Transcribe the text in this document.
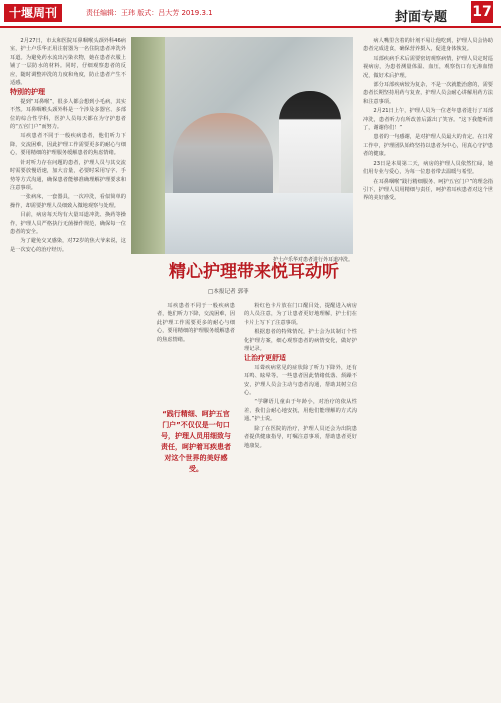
十堰周刊	责任编辑：王玮 版式：吕大芳 2019.3.1	封面专题 17

2月27日，市太和医院耳鼻咽喉头颈外科46病室，护士卢乐华正用注射器为一名住院患者冲洗外耳道。为避免药水流出污染衣物，她在患者衣服上铺了一层防水的材料。同时，仔细观察患者的反应，随时调整冲洗的力度和角度，防止患者产生不适感。

特别的护理

提到“耳鼻喉”，很多人都会想到小毛病，其实不然。耳鼻咽喉头颈外科是一个涉及多器官、多部位的综合性学科，医护人员每天都在为守护患者的“五官门户”而努力。

耳疾患者不同于一般疾病患者，他们听力下降，交流困难，因此护理工作需要更多的耐心与细心，要用精细的护理服务缓解患者的焦虑情绪。

针对听力存在问题的患者，护理人员与其交流时需要放慢语速，加大音量，必要时采用写字、手势等方式沟通，确保患者能够准确理解护理要求和注意事项。

一张病床，一套器具，一次冲洗，看似简单的操作，却需要护理人员细致入微地观察与处理。

目前，病房每天均有大量耳道冲洗、换药等操作，护理人员严格执行无菌操作规范，确保每一位患者的安全。

为了避免交叉感染，对72岁的焦大爷来说，这是一次安心的治疗经历。

护士卢乐华对患者进行外耳道冲洗。
精心护理带来悦耳动听
□本报记者 郭菲

耳疾患者不同于一般疾病患者，他们听力下降，交流困难，因此护理工作需要更多的耐心与细心，要用精细的护理服务缓解患者的焦虑情绪。

“践行精细、呵护五官门户”不仅仅是一句口号，护理人员用细致与责任，呵护着耳疾患者对这个世界的美好感受。

粉红色卡片放在门口醒目处，提醒进入病房的人员注意，为了让患者更好地理解，护士们在卡片上写下了注意事项。

根据患者的特殊情况，护士会为其制订个性化护理方案，细心观察患者的病情变化，做好护理记录。

让治疗更舒适

耳聋疾病常见的症状除了听力下降外，还有耳鸣、眩晕等。一些患者因此情绪低落、烦躁不安，护理人员会主动与患者沟通，帮助其树立信心。

“学聊语儿童由于年龄小，对治疗的依从性差，我们会耐心地安抚，用他们能理解的方式沟通。”护士说。

除了在医院的治疗，护理人员还会为出院患者提供健康指导，叮嘱注意事项，帮助患者更好地康复。

病人嘴里含着的针剂不易让他吃到，护理人员会协助患者完成进食，确保营养摄入，促进身体恢复。

耳部疾病手术后需要密切观察病情，护理人员定时巡视病房，为患者测量体温、血压，观察伤口有无渗血情况，做好术后护理。

部分耳部疾病较为复杂，不是一次就能治愈的，需要患者长期坚持用药与复查，护理人员会耐心讲解用药方法和注意事项。

2月21日上午，护理人员为一位老年患者进行了耳部冲洗，患者听力有所改善后露出了笑容。“这下我能听清了，谢谢你们！”

患者的一句感谢，是对护理人员最大的肯定。在日常工作中，护理团队始终坚持以患者为中心，用真心守护患者的健康。

23日是本周第二天，病房的护理人员依然忙碌，她们用专业与爱心，为每一位患者带去温暖与希望。

在耳鼻咽喉“践行精细服务、呵护五官门户”的理念指引下，护理人员用精细与责任，呵护着耳疾患者对这个世界的美好感受。
